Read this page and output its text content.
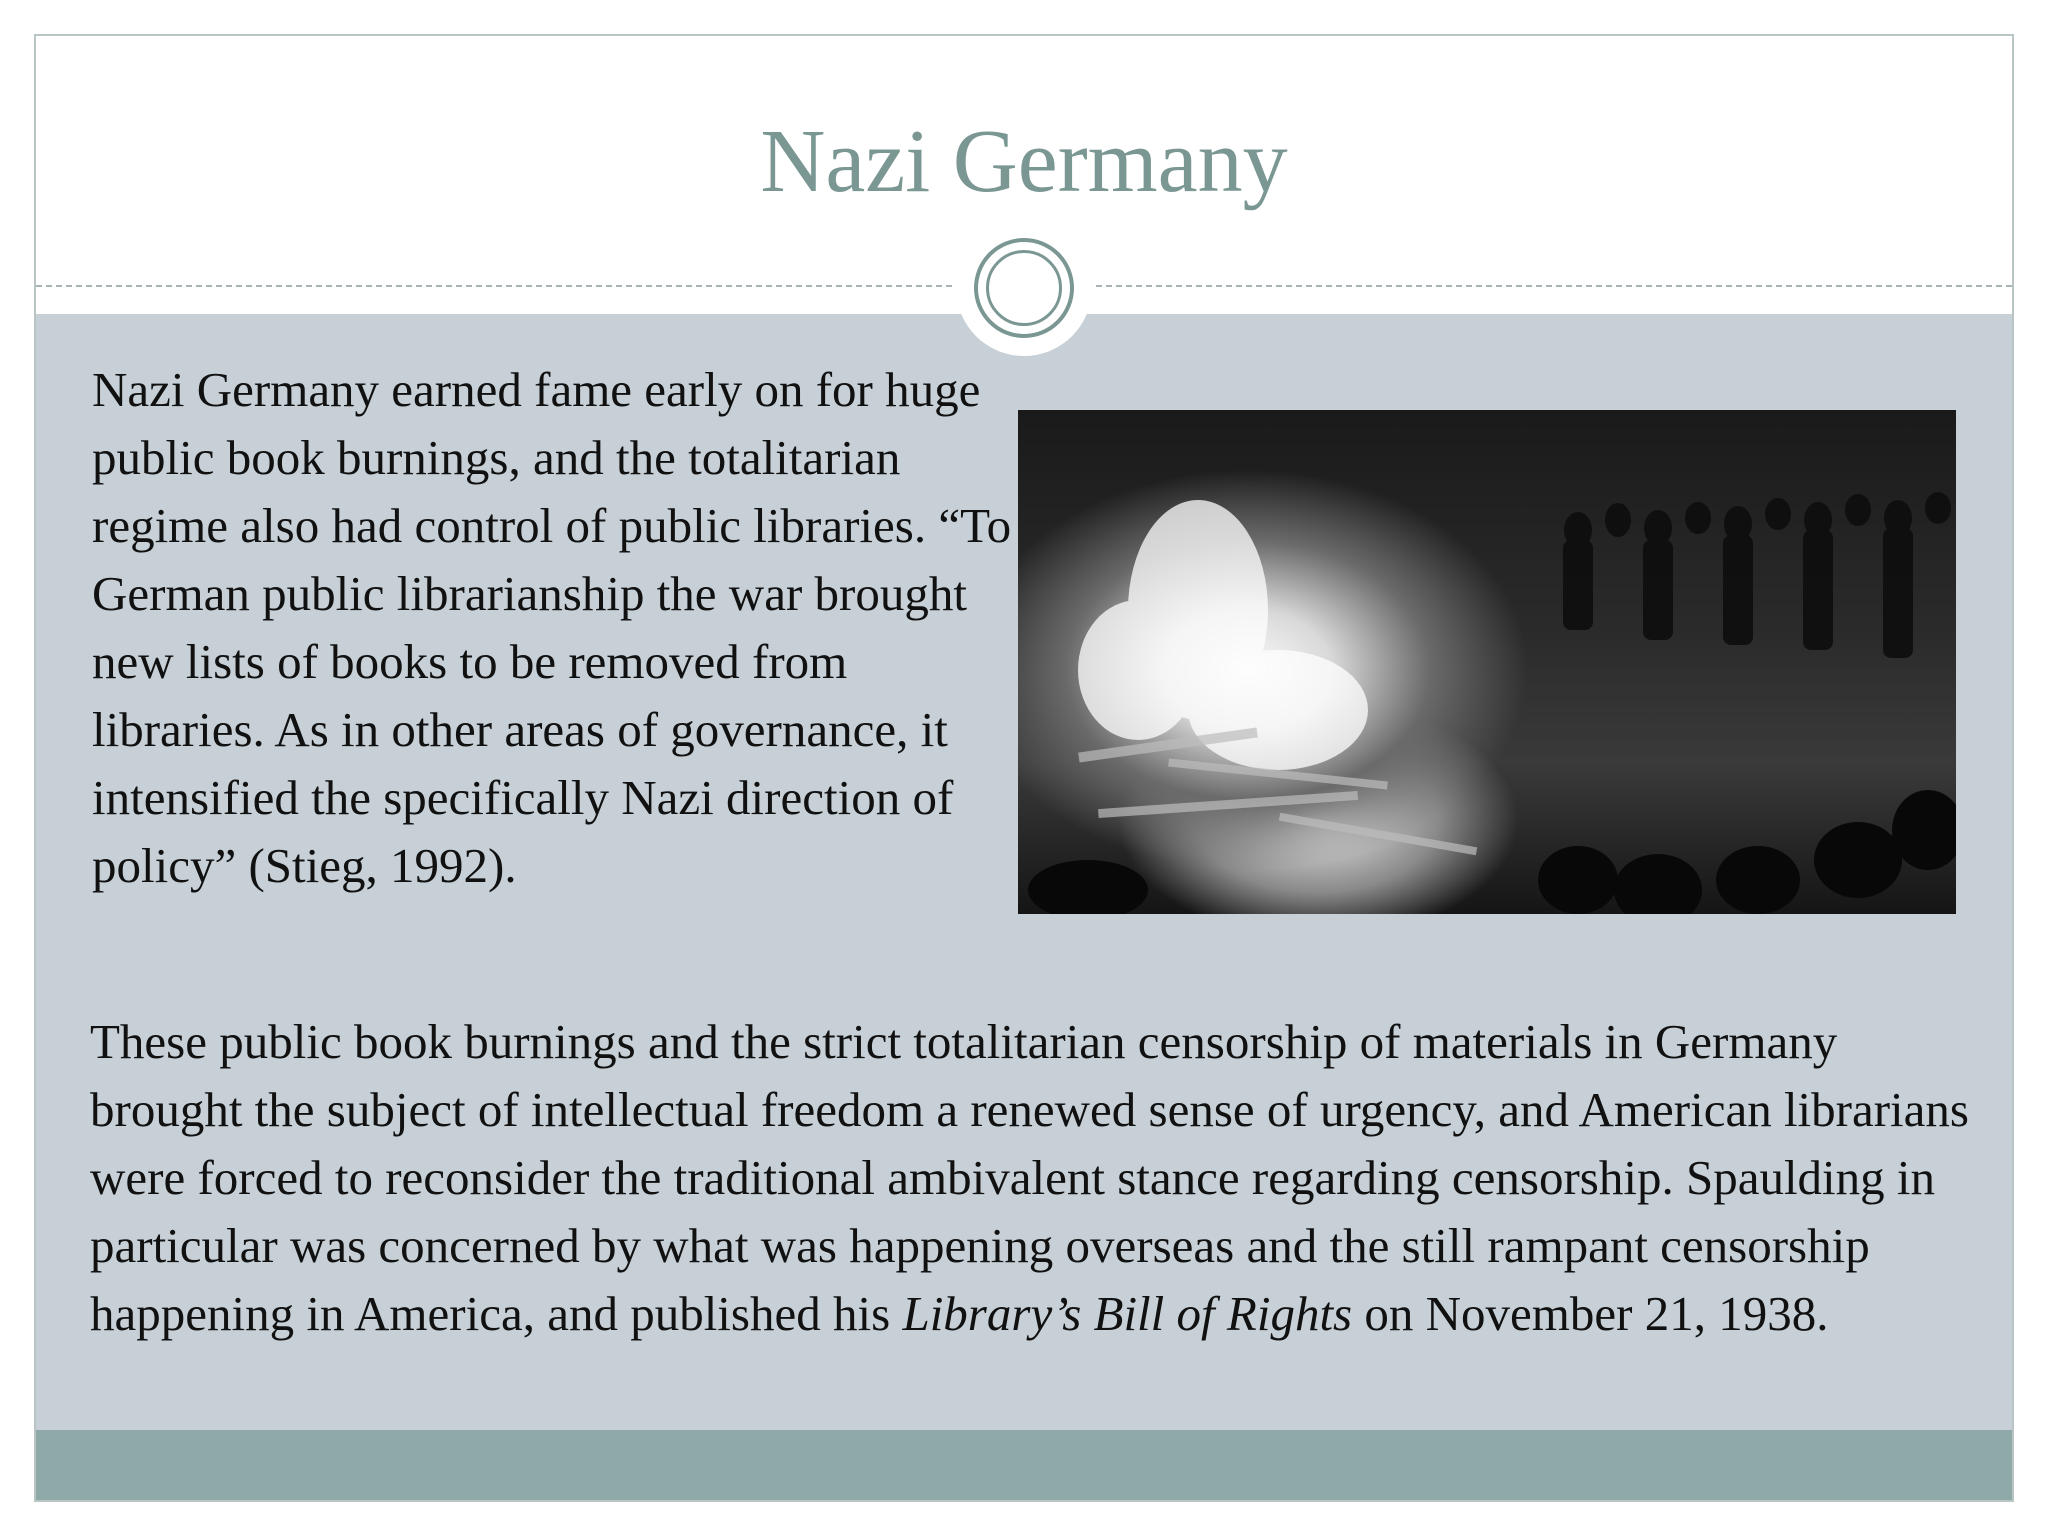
Nazi Germany

Nazi Germany earned fame early on for huge public book burnings, and the totalitarian regime also had control of public libraries. “To German public librarianship the war brought new lists of books to be removed from libraries. As in other areas of governance, it intensified the specifically Nazi direction of policy” (Stieg, 1992).

These public book burnings and the strict totalitarian censorship of materials in Germany brought the subject of intellectual freedom a renewed sense of urgency, and American librarians were forced to reconsider the traditional ambivalent stance regarding censorship. Spaulding in particular was concerned by what was happening overseas and the still rampant censorship happening in America, and published his Library’s Bill of Rights on November 21, 1938.
